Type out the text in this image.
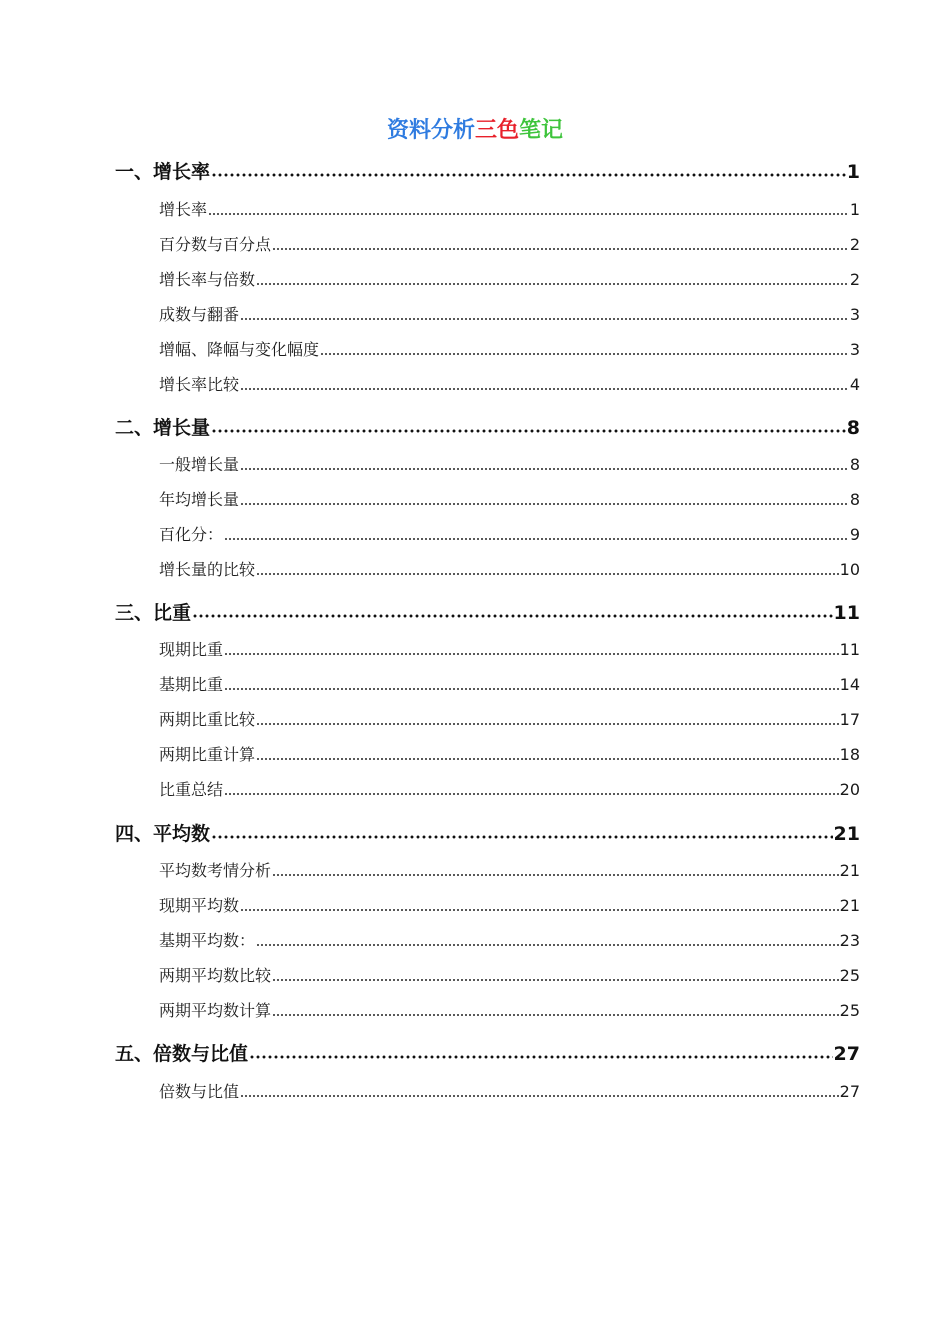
资料分析三色笔记
一、增长率	1
增长率	1
百分数与百分点	2
增长率与倍数	2
成数与翻番	3
增幅、降幅与变化幅度	3
增长率比较	4
二、增长量	8
一般增长量	8
年均增长量	8
百化分：	9
增长量的比较	10
三、比重	11
现期比重	11
基期比重	14
两期比重比较	17
两期比重计算	18
比重总结	20
四、平均数	21
平均数考情分析	21
现期平均数	21
基期平均数：	23
两期平均数比较	25
两期平均数计算	25
五、倍数与比值	27
倍数与比值	27
